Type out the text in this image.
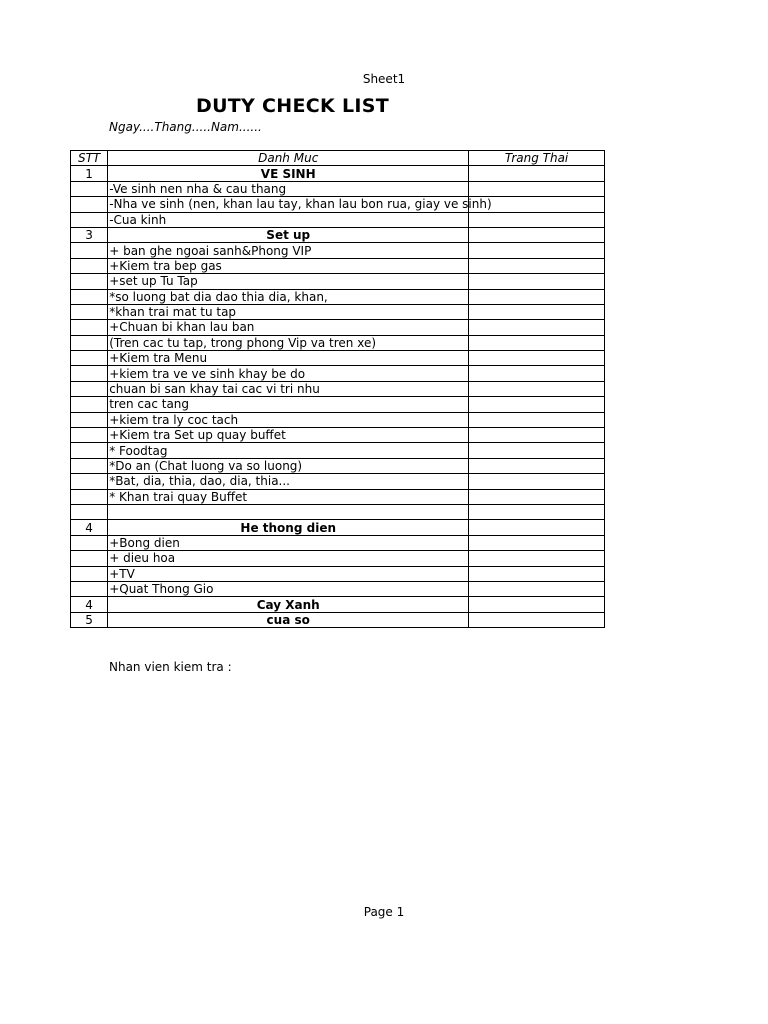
Sheet1
DUTY CHECK LIST
Ngay....Thang.....Nam......
STT	Danh Muc	Trang Thai
1	VE SINH	
	-Ve sinh nen nha & cau thang	
	-Nha ve sinh (nen, khan lau tay, khan lau bon rua, giay ve sinh)	
	-Cua kinh	
3	Set up	
	+ ban ghe ngoai sanh&Phong VIP	
	+Kiem tra bep gas	
	+set up Tu Tap	
	*so luong bat dia dao thia dia, khan,	
	*khan trai mat tu tap	
	+Chuan bi khan lau ban	
	(Tren cac tu tap, trong phong Vip va tren xe)	
	+Kiem tra Menu	
	+kiem tra ve ve sinh khay be do	
	chuan bi san khay tai cac vi tri nhu	
	tren cac tang	
	+kiem tra ly coc tach	
	+Kiem tra Set up quay buffet	
	* Foodtag	
	*Do an (Chat luong va so luong)	
	*Bat, dia, thia, dao, dia, thia...	
	* Khan trai quay Buffet	

4	He thong dien	
	+Bong dien	
	+ dieu hoa	
	+TV	
	+Quat Thong Gio	
4	Cay Xanh	
5	cua so	
Nhan vien kiem tra :
Page 1
